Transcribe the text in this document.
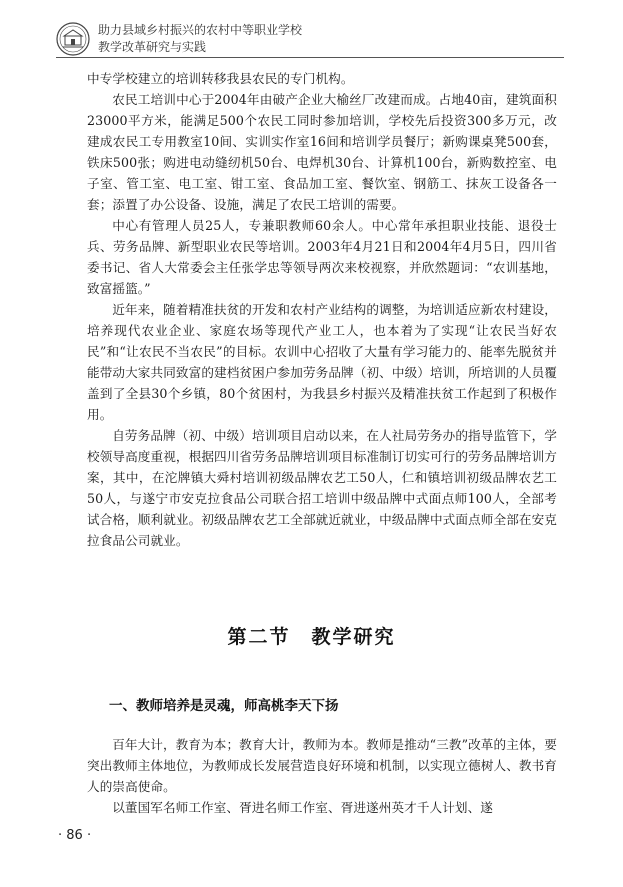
助力县域乡村振兴的农村中等职业学校
教学改革研究与实践

中专学校建立的培训转移我县农民的专门机构。

农民工培训中心于2004年由破产企业大榆丝厂改建而成。占地40亩，建筑面积23000平方米，能满足500个农民工同时参加培训，学校先后投资300多万元，改建成农民工专用教室10间、实训实作室16间和培训学员餐厅；新购课桌凳500套，铁床500张；购进电动缝纫机50台、电焊机30台、计算机100台，新购数控室、电子室、管工室、电工室、钳工室、食品加工室、餐饮室、钢筋工、抹灰工设备各一套；添置了办公设备、设施，满足了农民工培训的需要。

中心有管理人员25人，专兼职教师60余人。中心常年承担职业技能、退役士兵、劳务品牌、新型职业农民等培训。2003年4月21日和2004年4月5日，四川省委书记、省人大常委会主任张学忠等领导两次来校视察，并欣然题词：“农训基地，致富摇篮。”

近年来，随着精准扶贫的开发和农村产业结构的调整，为培训适应新农村建设，培养现代农业企业、家庭农场等现代产业工人，也本着为了实现“让农民当好农民”和“让农民不当农民”的目标。农训中心招收了大量有学习能力的、能率先脱贫并能带动大家共同致富的建档贫困户参加劳务品牌（初、中级）培训，所培训的人员覆盖到了全县30个乡镇，80个贫困村，为我县乡村振兴及精准扶贫工作起到了积极作用。

自劳务品牌（初、中级）培训项目启动以来，在人社局劳务办的指导监管下，学校领导高度重视，根据四川省劳务品牌培训项目标准制订切实可行的劳务品牌培训方案，其中，在沱牌镇大舜村培训初级品牌农艺工50人，仁和镇培训初级品牌农艺工50人，与遂宁市安克拉食品公司联合招工培训中级品牌中式面点师100人，全部考试合格，顺利就业。初级品牌农艺工全部就近就业，中级品牌中式面点师全部在安克拉食品公司就业。

第二节　教学研究
一、教师培养是灵魂，师高桃李天下扬

百年大计，教育为本；教育大计，教师为本。教师是推动“三教”改革的主体，要突出教师主体地位，为教师成长发展营造良好环境和机制，以实现立德树人、教书育人的崇高使命。

以董国军名师工作室、胥进名师工作室、胥进遂州英才千人计划、遂

· 86 ·
